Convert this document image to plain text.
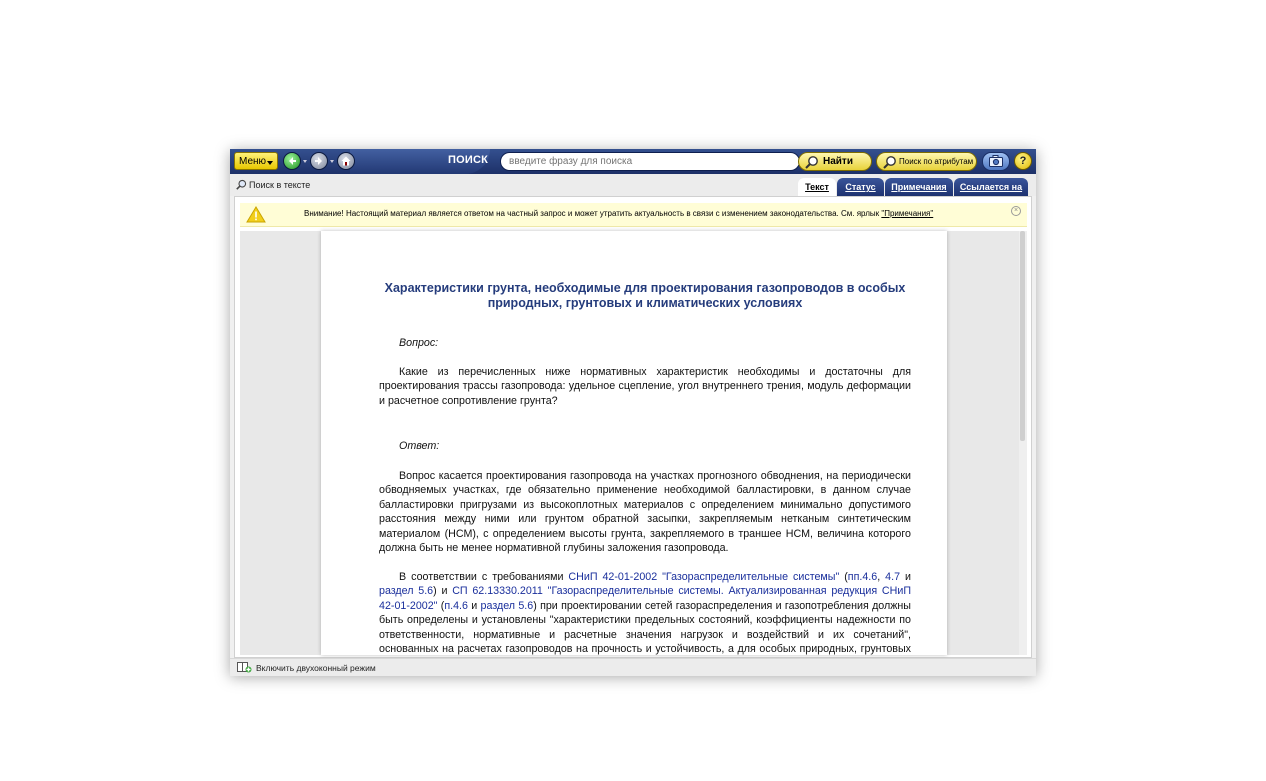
Меню	ПОИСК
введите фразу для поиска	Найти	Поиск по атрибутам	?
Поиск в тексте	Текст	Статус	Примечания	Ссылается на
Внимание! Настоящий материал является ответом на частный запрос и может утратить актуальность в связи с изменением законодательства. См. ярлык "Примечания"	×
Характеристики грунта, необходимые для проектирования газопроводов в особых природных, грунтовых и климатических условиях
Вопрос:
Какие из перечисленных ниже нормативных характеристик необходимы и достаточны для проектирования трассы газопровода: удельное сцепление, угол внутреннего трения, модуль деформации и расчетное сопротивление грунта?
Ответ:
Вопрос касается проектирования газопровода на участках прогнозного обводнения, на периодически обводняемых участках, где обязательно применение необходимой балластировки, в данном случае балластировки пригрузами из высокоплотных материалов с определением минимально допустимого расстояния между ними или грунтом обратной засыпки, закрепляемым нетканым синтетическим материалом (НСМ), с определением высоты грунта, закрепляемого в траншее НСМ, величина которого должна быть не менее нормативной глубины заложения газопровода.
В соответствии с требованиями СНиП 42-01-2002 "Газораспределительные системы" (пп.4.6, 4.7 и раздел 5.6) и СП 62.13330.2011 "Газораспределительные системы. Актуализированная редукция СНиП 42-01-2002" (п.4.6 и раздел 5.6) при проектировании сетей газораспределения и газопотребления должны быть определены и установлены "характеристики предельных состояний, коэффициенты надежности по ответственности, нормативные и расчетные значения нагрузок и воздействий и их сочетаний", основанных на расчетах газопроводов на прочность и устойчивость, а для особых природных, грунтовых
Включить двухоконный режим
